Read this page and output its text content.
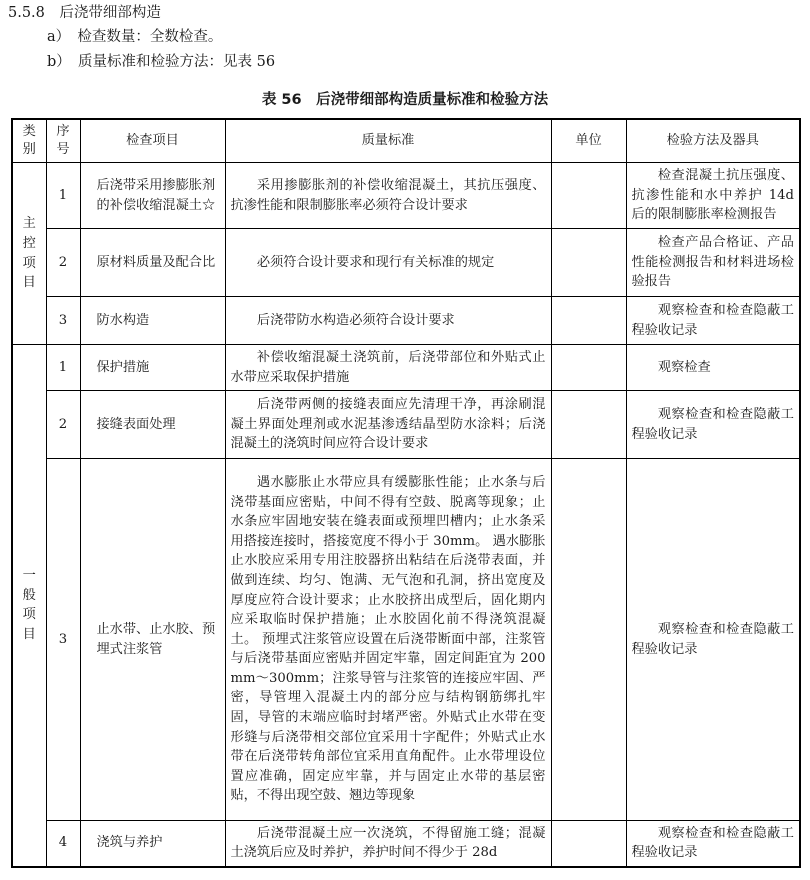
5.5.8　后浇带细部构造
a）　检查数量：全数检查。
b）　质量标准和检验方法：见表 56
表 56　后浇带细部构造质量标准和检验方法
类别	序号	检查项目	质量标准	单位	检验方法及器具

主控项目	1	后浇带采用掺膨胀剂的补偿收缩混凝土☆	采用掺膨胀剂的补偿收缩混凝土，其抗压强度、抗渗性能和限制膨胀率必须符合设计要求		检查混凝土抗压强度、抗渗性能和水中养护 14d 后的限制膨胀率检测报告
	2	原材料质量及配合比	必须符合设计要求和现行有关标准的规定		检查产品合格证、产品性能检测报告和材料进场检验报告
	3	防水构造	后浇带防水构造必须符合设计要求		观察检查和检查隐蔽工程验收记录

一般项目	1	保护措施	补偿收缩混凝土浇筑前，后浇带部位和外贴式止水带应采取保护措施		观察检查
	2	接缝表面处理	后浇带两侧的接缝表面应先清理干净，再涂刷混凝土界面处理剂或水泥基渗透结晶型防水涂料；后浇混凝土的浇筑时间应符合设计要求		观察检查和检查隐蔽工程验收记录
	3	止水带、止水胶、预埋式注浆管	遇水膨胀止水带应具有缓膨胀性能；止水条与后浇带基面应密贴，中间不得有空鼓、脱离等现象；止水条应牢固地安装在缝表面或预埋凹槽内；止水条采用搭接连接时，搭接宽度不得小于 30mm。 遇水膨胀止水胶应采用专用注胶器挤出粘结在后浇带表面，并做到连续、均匀、饱满、无气泡和孔洞，挤出宽度及厚度应符合设计要求；止水胶挤出成型后，固化期内应采取临时保护措施；止水胶固化前不得浇筑混凝土。 预埋式注浆管应设置在后浇带断面中部，注浆管与后浇带基面应密贴并固定牢靠，固定间距宜为 200mm～300mm；注浆导管与注浆管的连接应牢固、严密，导管埋入混凝土内的部分应与结构钢筋绑扎牢固，导管的末端应临时封堵严密。外贴式止水带在变形缝与后浇带相交部位宜采用十字配件；外贴式止水带在后浇带转角部位宜采用直角配件。止水带埋设位置应准确，固定应牢靠，并与固定止水带的基层密贴，不得出现空鼓、翘边等现象		观察检查和检查隐蔽工程验收记录
	4	浇筑与养护	后浇带混凝土应一次浇筑，不得留施工缝；混凝土浇筑后应及时养护，养护时间不得少于 28d		观察检查和检查隐蔽工程验收记录
